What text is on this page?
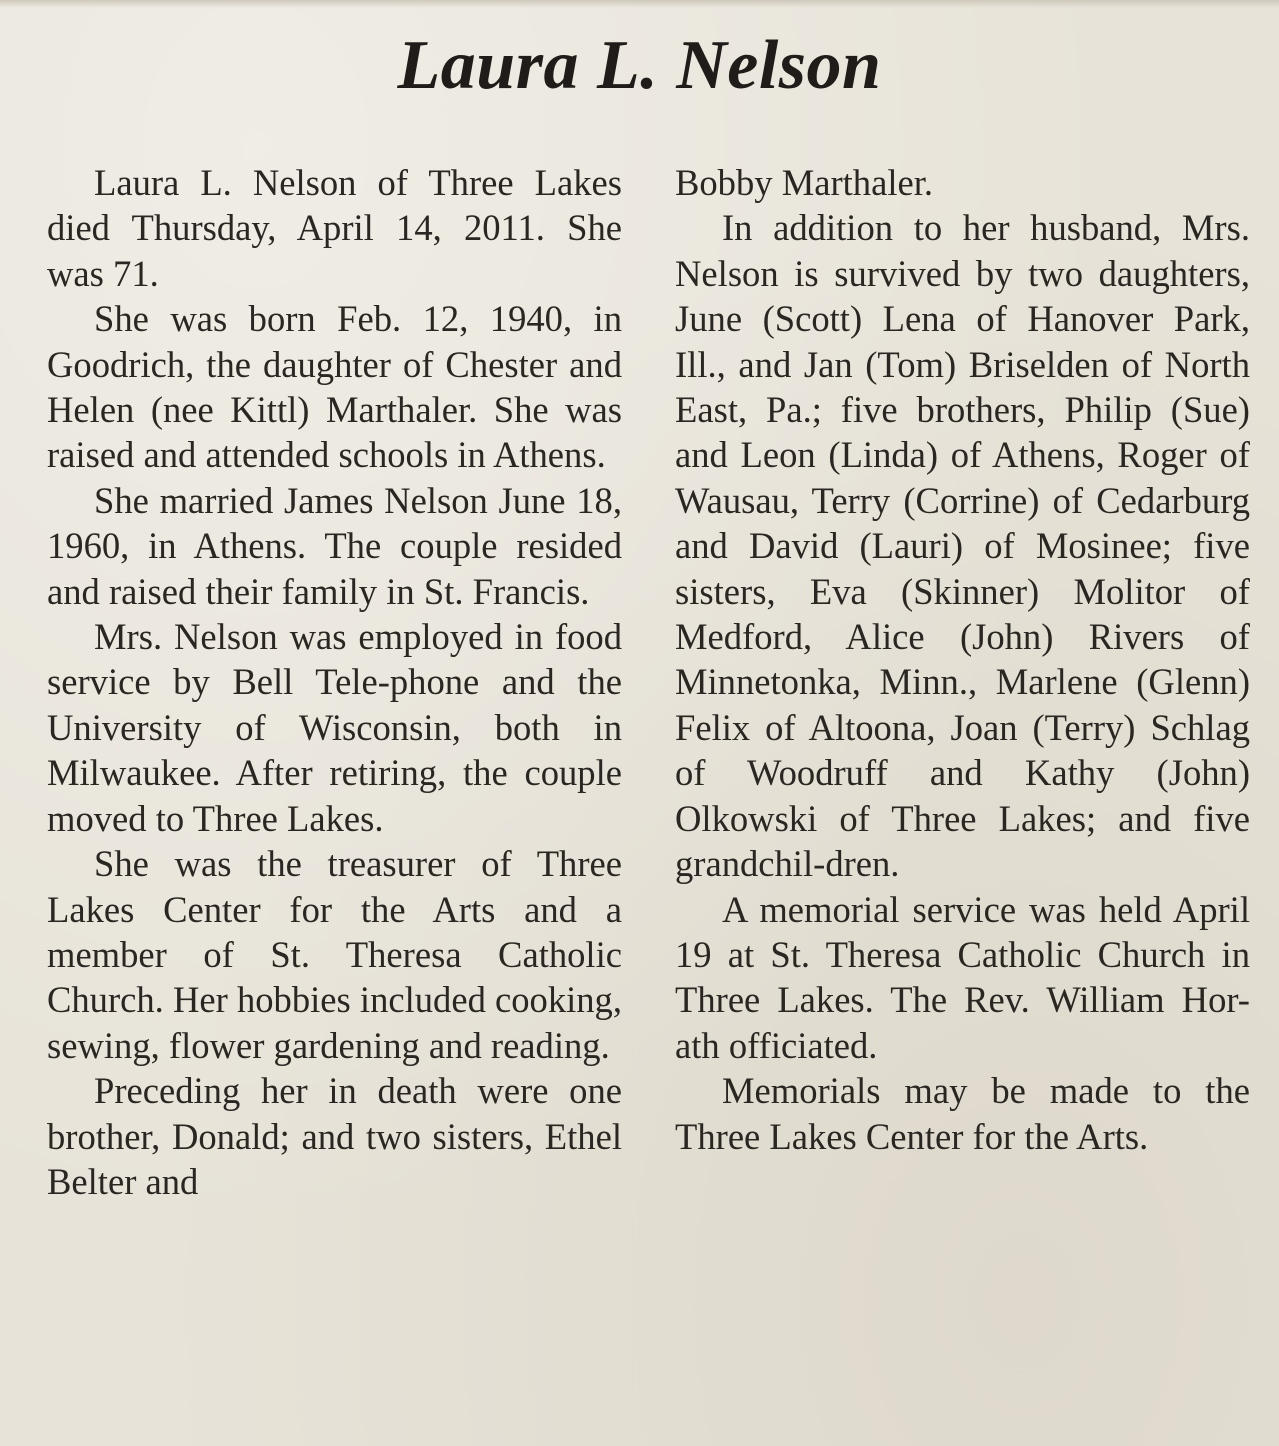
Laura L. Nelson

Laura L. Nelson of Three Lakes died Thursday, April 14, 2011. She was 71.

She was born Feb. 12, 1940, in Goodrich, the daughter of Chester and Helen (nee Kittl) Marthaler. She was raised and attended schools in Athens.

She married James Nelson June 18, 1960, in Athens. The couple resided and raised their family in St. Francis.

Mrs. Nelson was employed in food service by Bell Tele-phone and the University of Wisconsin, both in Milwaukee. After retiring, the couple moved to Three Lakes.

She was the treasurer of Three Lakes Center for the Arts and a member of St. Theresa Catholic Church. Her hobbies included cooking, sewing, flower gardening and reading.

Preceding her in death were one brother, Donald; and two sisters, Ethel Belter and

Bobby Marthaler.

In addition to her husband, Mrs. Nelson is survived by two daughters, June (Scott) Lena of Hanover Park, Ill., and Jan (Tom) Briselden of North East, Pa.; five brothers, Philip (Sue) and Leon (Linda) of Athens, Roger of Wausau, Terry (Corrine) of Cedarburg and David (Lauri) of Mosinee; five sisters, Eva (Skinner) Molitor of Medford, Alice (John) Rivers of Minnetonka, Minn., Marlene (Glenn) Felix of Altoona, Joan (Terry) Schlag of Woodruff and Kathy (John) Olkowski of Three Lakes; and five grandchil-dren.

A memorial service was held April 19 at St. Theresa Catholic Church in Three Lakes. The Rev. William Hor-ath officiated.

Memorials may be made to the Three Lakes Center for the Arts.
